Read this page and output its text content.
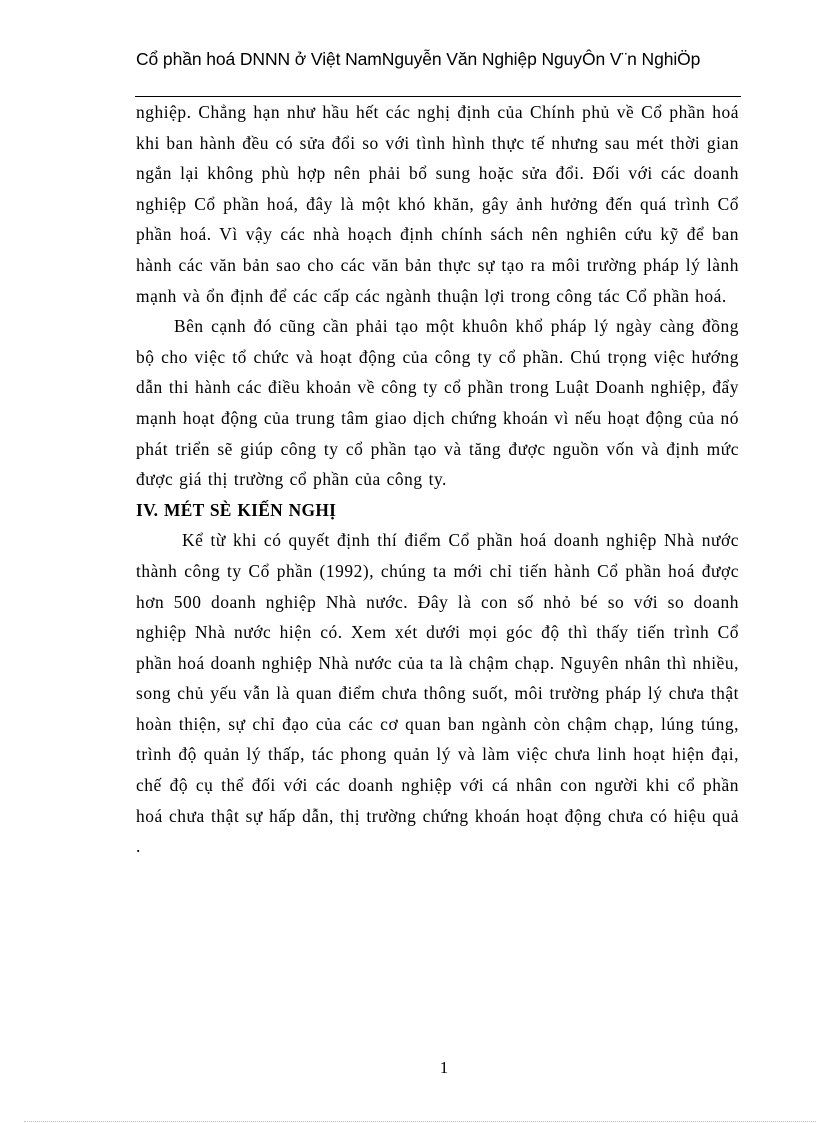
Cổ phần hoá DNNN ở Việt NamNguyễn Văn Nghiệp NguyÔn V¨n NghiÖp

nghiệp. Chẳng hạn như hầu hết các nghị định của Chính phủ về Cổ phần hoá khi ban hành đều có sửa đổi so với tình hình thực tế nhưng sau mét thời gian ngắn lại không phù hợp nên phải bổ sung hoặc sửa đổi. Đối với các doanh nghiệp Cổ phần hoá, đây là một khó khăn, gây ảnh hưởng đến quá trình Cổ phần hoá. Vì vậy các nhà hoạch định chính sách nên nghiên cứu kỹ để ban hành các văn bản sao cho các văn bản thực sự tạo ra môi trường pháp lý lành mạnh và ổn định để các cấp các ngành thuận lợi trong công tác Cổ phần hoá.

Bên cạnh đó cũng cần phải tạo một khuôn khổ pháp lý ngày càng đồng bộ cho việc tổ chức và hoạt động của công ty cổ phần. Chú trọng việc hướng dẫn thi hành các điều khoản về công ty cổ phần trong Luật Doanh nghiệp, đẩy mạnh hoạt động của trung tâm giao dịch chứng khoán vì nếu hoạt động của nó phát triển sẽ giúp công ty cổ phần tạo và tăng được nguồn vốn và định mức được giá thị trường cổ phần của công ty.

IV. MÉT SÈ KIẾN NGHỊ

Kể từ khi có quyết định thí điểm Cổ phần hoá doanh nghiệp Nhà nước thành công ty Cổ phần (1992), chúng ta mới chỉ tiến hành Cổ phần hoá được hơn 500 doanh nghiệp Nhà nước. Đây là con số nhỏ bé so với so doanh nghiệp Nhà nước hiện có. Xem xét dưới mọi góc độ thì thấy tiến trình Cổ phần hoá doanh nghiệp Nhà nước của ta là chậm chạp. Nguyên nhân thì nhiều, song chủ yếu vẫn là quan điểm chưa thông suốt, môi trường pháp lý chưa thật hoàn thiện, sự chỉ đạo của các cơ quan ban ngành còn chậm chạp, lúng túng, trình độ quản lý thấp, tác phong quản lý và làm việc chưa linh hoạt hiện đại, chế độ cụ thể đối với các doanh nghiệp với cá nhân con người khi cổ phần hoá chưa thật sự hấp dẫn, thị trường chứng khoán hoạt động chưa có hiệu quả .

1
